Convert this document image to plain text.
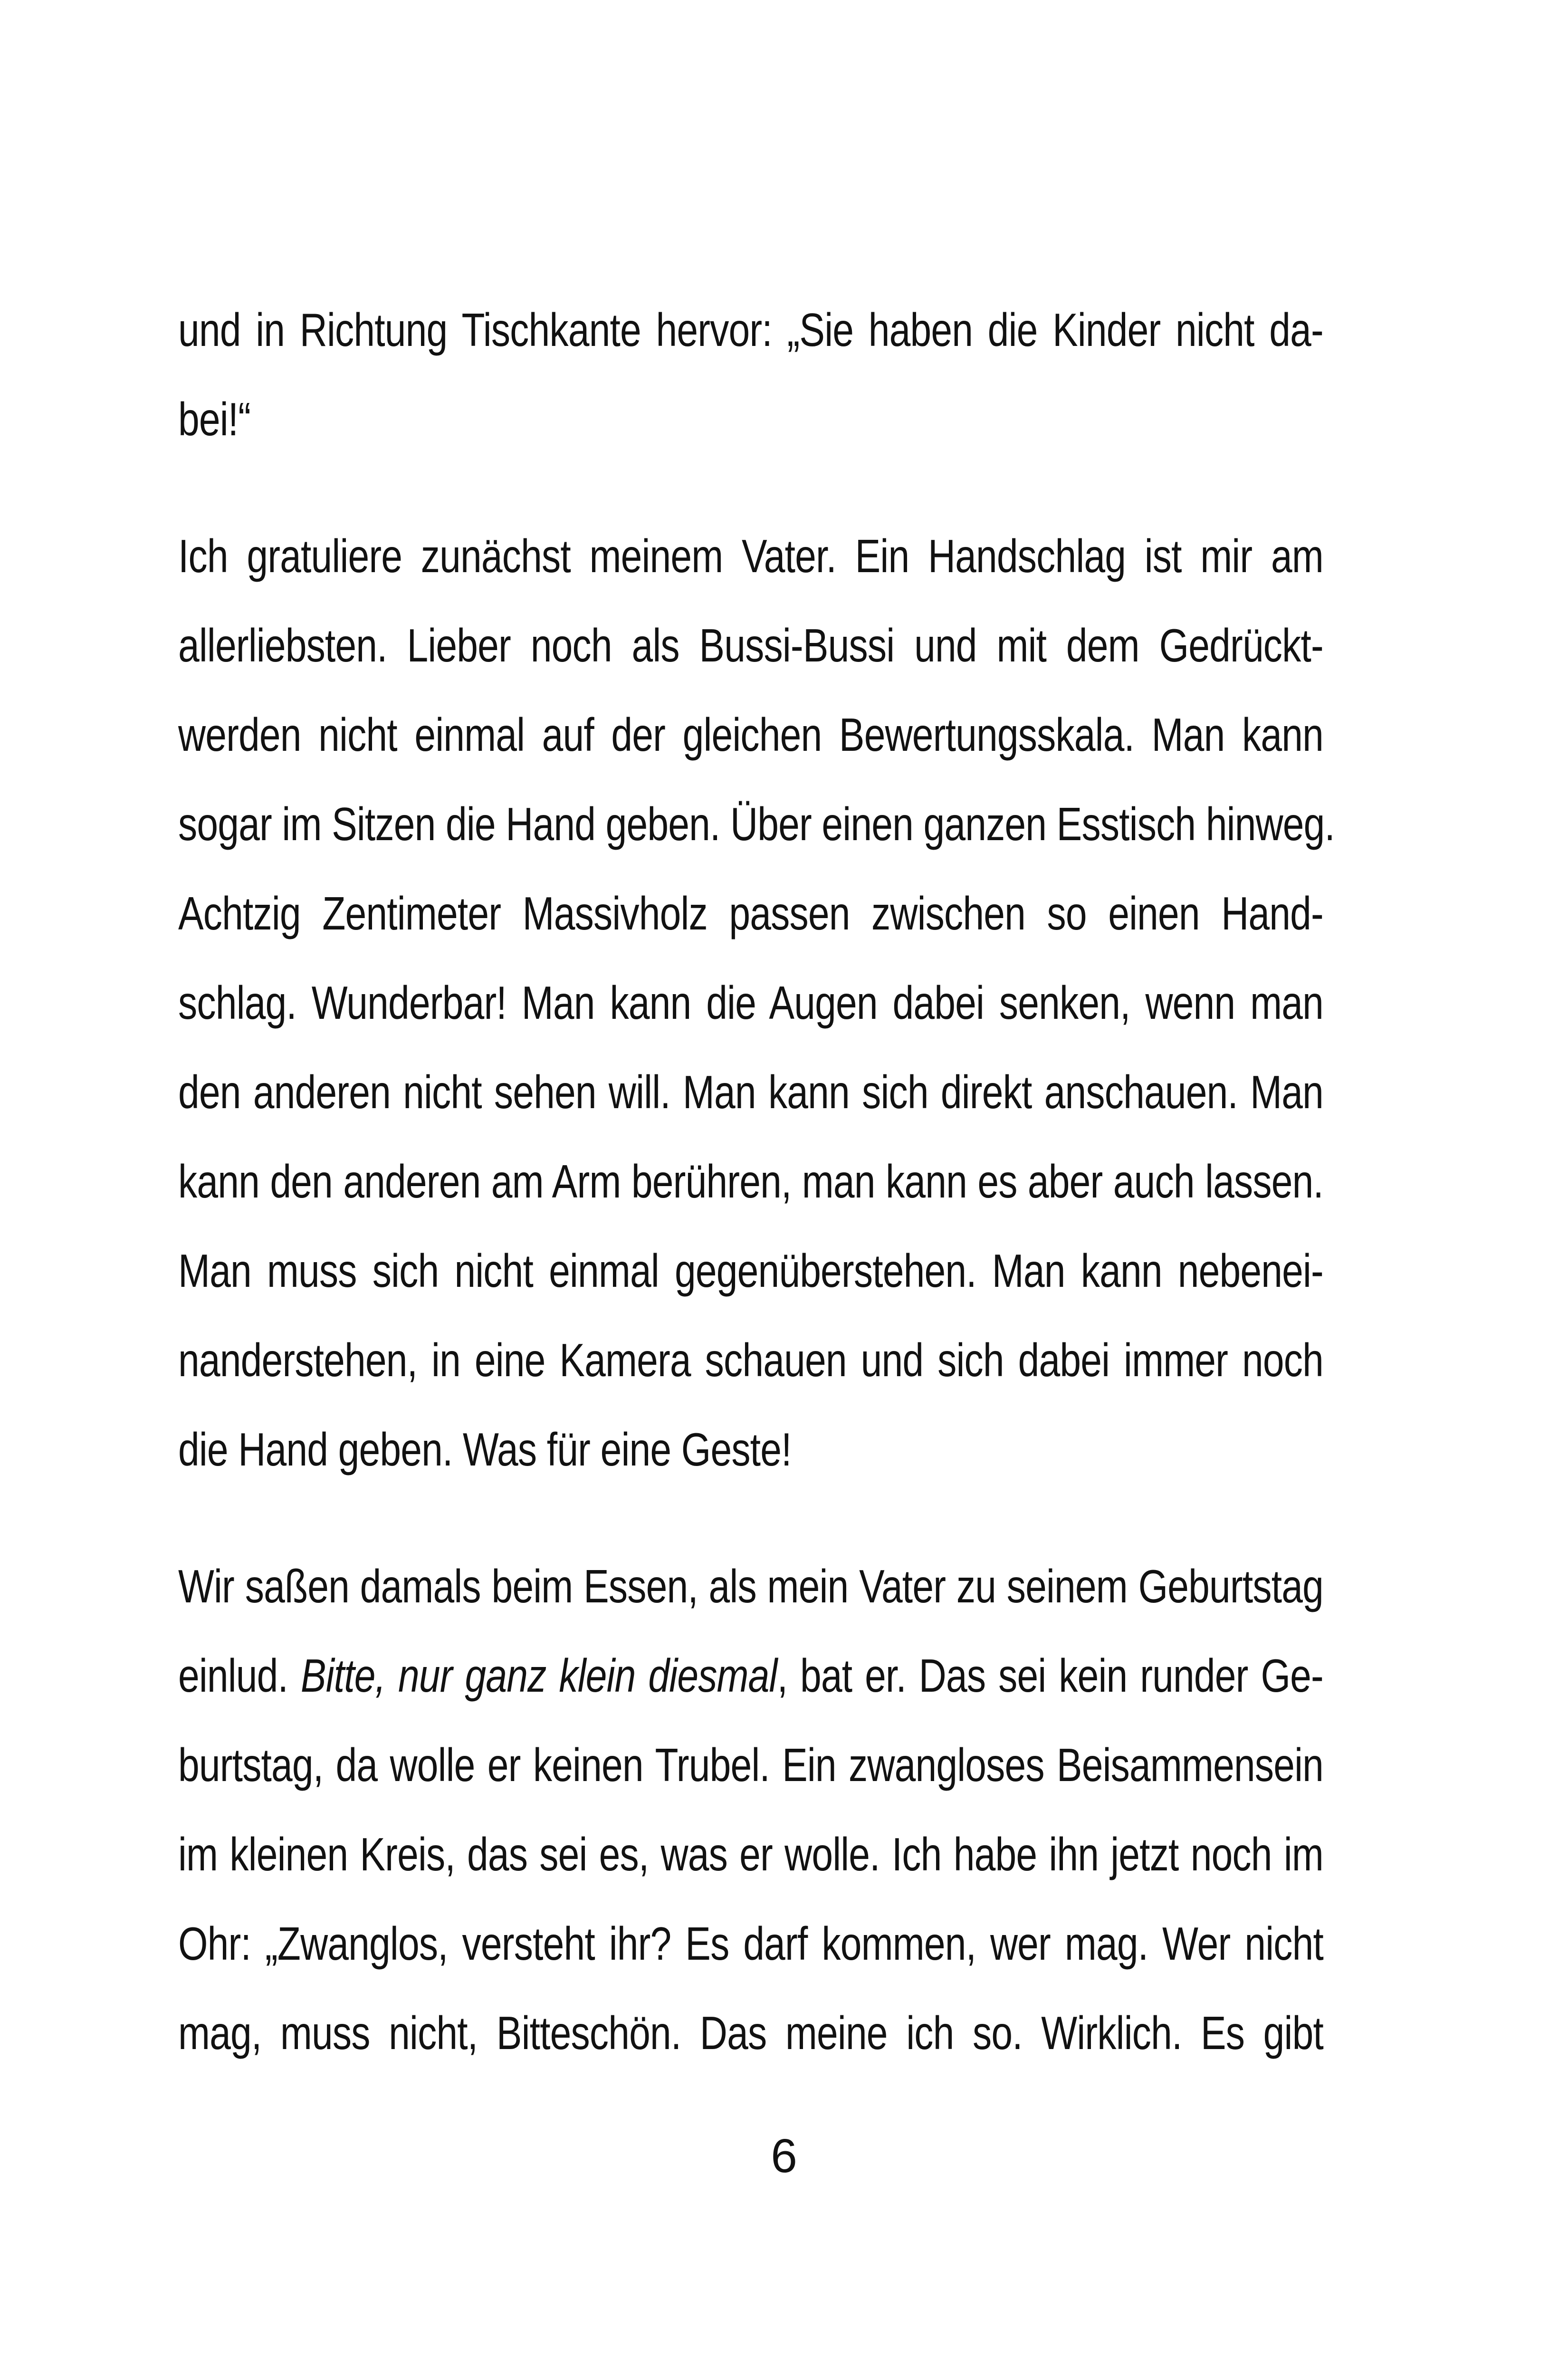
und in Richtung Tischkante hervor: „Sie haben die Kinder nicht da-
bei!“
Ich gratuliere zunächst meinem Vater. Ein Handschlag ist mir am
allerliebsten. Lieber noch als Bussi-Bussi und mit dem Gedrückt-
werden nicht einmal auf der gleichen Bewertungsskala. Man kann
sogar im Sitzen die Hand geben. Über einen ganzen Esstisch hinweg.
Achtzig Zentimeter Massivholz passen zwischen so einen Hand-
schlag. Wunderbar! Man kann die Augen dabei senken, wenn man
den anderen nicht sehen will. Man kann sich direkt anschauen. Man
kann den anderen am Arm berühren, man kann es aber auch lassen.
Man muss sich nicht einmal gegenüberstehen. Man kann nebenei-
nanderstehen, in eine Kamera schauen und sich dabei immer noch
die Hand geben. Was für eine Geste!
Wir saßen damals beim Essen, als mein Vater zu seinem Geburtstag
einlud. Bitte, nur ganz klein diesmal, bat er. Das sei kein runder Ge-
burtstag, da wolle er keinen Trubel. Ein zwangloses Beisammensein
im kleinen Kreis, das sei es, was er wolle. Ich habe ihn jetzt noch im
Ohr: „Zwanglos, versteht ihr? Es darf kommen, wer mag. Wer nicht
mag, muss nicht, Bitteschön. Das meine ich so. Wirklich. Es gibt
6
